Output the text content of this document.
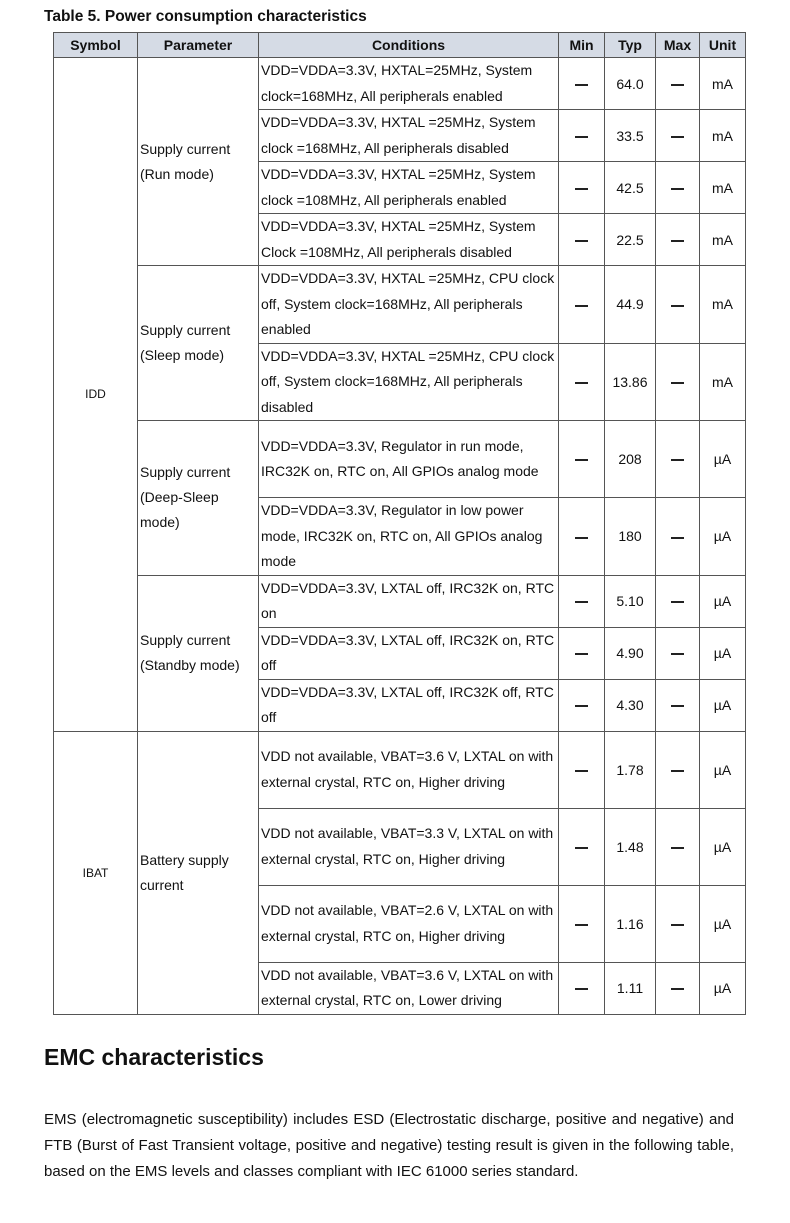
Table 5. Power consumption characteristics
Symbol	Parameter	Conditions	Min	Typ	Max	Unit
IDD	Supply current (Run mode)	VDD=VDDA=3.3V, HXTAL=25MHz, System clock=168MHz, All peripherals enabled		64.0		mA
		VDD=VDDA=3.3V, HXTAL =25MHz, System clock =168MHz, All peripherals disabled		33.5		mA
		VDD=VDDA=3.3V, HXTAL =25MHz, System clock =108MHz, All peripherals enabled		42.5		mA
		VDD=VDDA=3.3V, HXTAL =25MHz, System Clock =108MHz, All peripherals disabled		22.5		mA
	Supply current (Sleep mode)	VDD=VDDA=3.3V, HXTAL =25MHz, CPU clock off, System clock=168MHz, All peripherals enabled		44.9		mA
		VDD=VDDA=3.3V, HXTAL =25MHz, CPU clock off, System clock=168MHz, All peripherals disabled		13.86		mA
	Supply current (Deep-Sleep mode)	VDD=VDDA=3.3V, Regulator in run mode, IRC32K on, RTC on, All GPIOs analog mode		208		µA
		VDD=VDDA=3.3V, Regulator in low power mode, IRC32K on, RTC on, All GPIOs analog mode		180		µA
	Supply current (Standby mode)	VDD=VDDA=3.3V, LXTAL off, IRC32K on, RTC on		5.10		µA
		VDD=VDDA=3.3V, LXTAL off, IRC32K on, RTC off		4.90		µA
		VDD=VDDA=3.3V, LXTAL off, IRC32K off, RTC off		4.30		µA
IBAT	Battery supply current	VDD not available, VBAT=3.6 V, LXTAL on with external crystal, RTC on, Higher driving		1.78		µA
		VDD not available, VBAT=3.3 V, LXTAL on with external crystal, RTC on, Higher driving		1.48		µA
		VDD not available, VBAT=2.6 V, LXTAL on with external crystal, RTC on, Higher driving		1.16		µA
		VDD not available, VBAT=3.6 V, LXTAL on with external crystal, RTC on, Lower driving		1.11		µA
EMC characteristics
EMS (electromagnetic susceptibility) includes ESD (Electrostatic discharge, positive and negative) and FTB (Burst of Fast Transient voltage, positive and negative) testing result is given in the following table, based on the EMS levels and classes compliant with IEC 61000 series standard.
